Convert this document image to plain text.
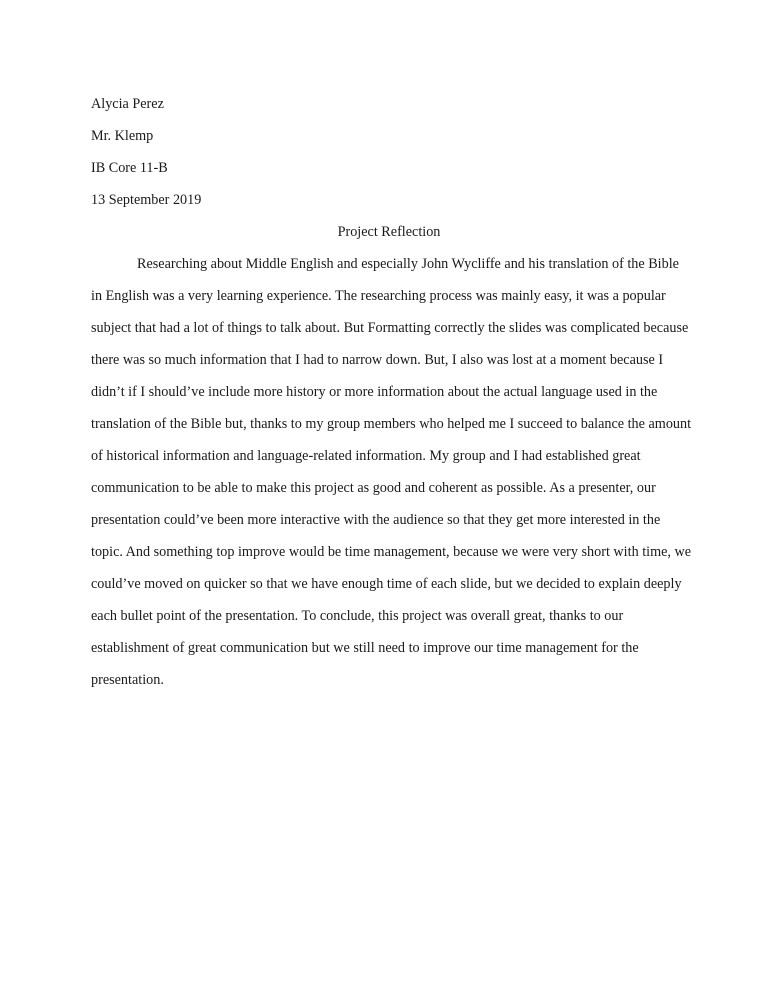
Alycia Perez

Mr. Klemp

IB Core 11-B

13 September 2019

Project Reflection

Researching about Middle English and especially John Wycliffe and his translation of the Bible

in English was a very learning experience. The researching process was mainly easy, it was a popular

subject that had a lot of things to talk about. But Formatting correctly the slides was complicated because

there was so much information that I had to narrow down. But, I also was lost at a moment because I

didn’t if I should’ve include more history or more information about the actual language used in the

translation of the Bible but, thanks to my group members who helped me I succeed to balance the amount

of historical information and language-related information. My group and I had established great

communication to be able to make this project as good and coherent as possible. As a presenter, our

presentation could’ve been more interactive with the audience so that they get more interested in the

topic. And something top improve would be time management, because we were very short with time, we

could’ve moved on quicker so that we have enough time of each slide, but we decided to explain deeply

each bullet point of the presentation. To conclude, this project was overall great, thanks to our

establishment of great communication but we still need to improve our time management for the

presentation.
